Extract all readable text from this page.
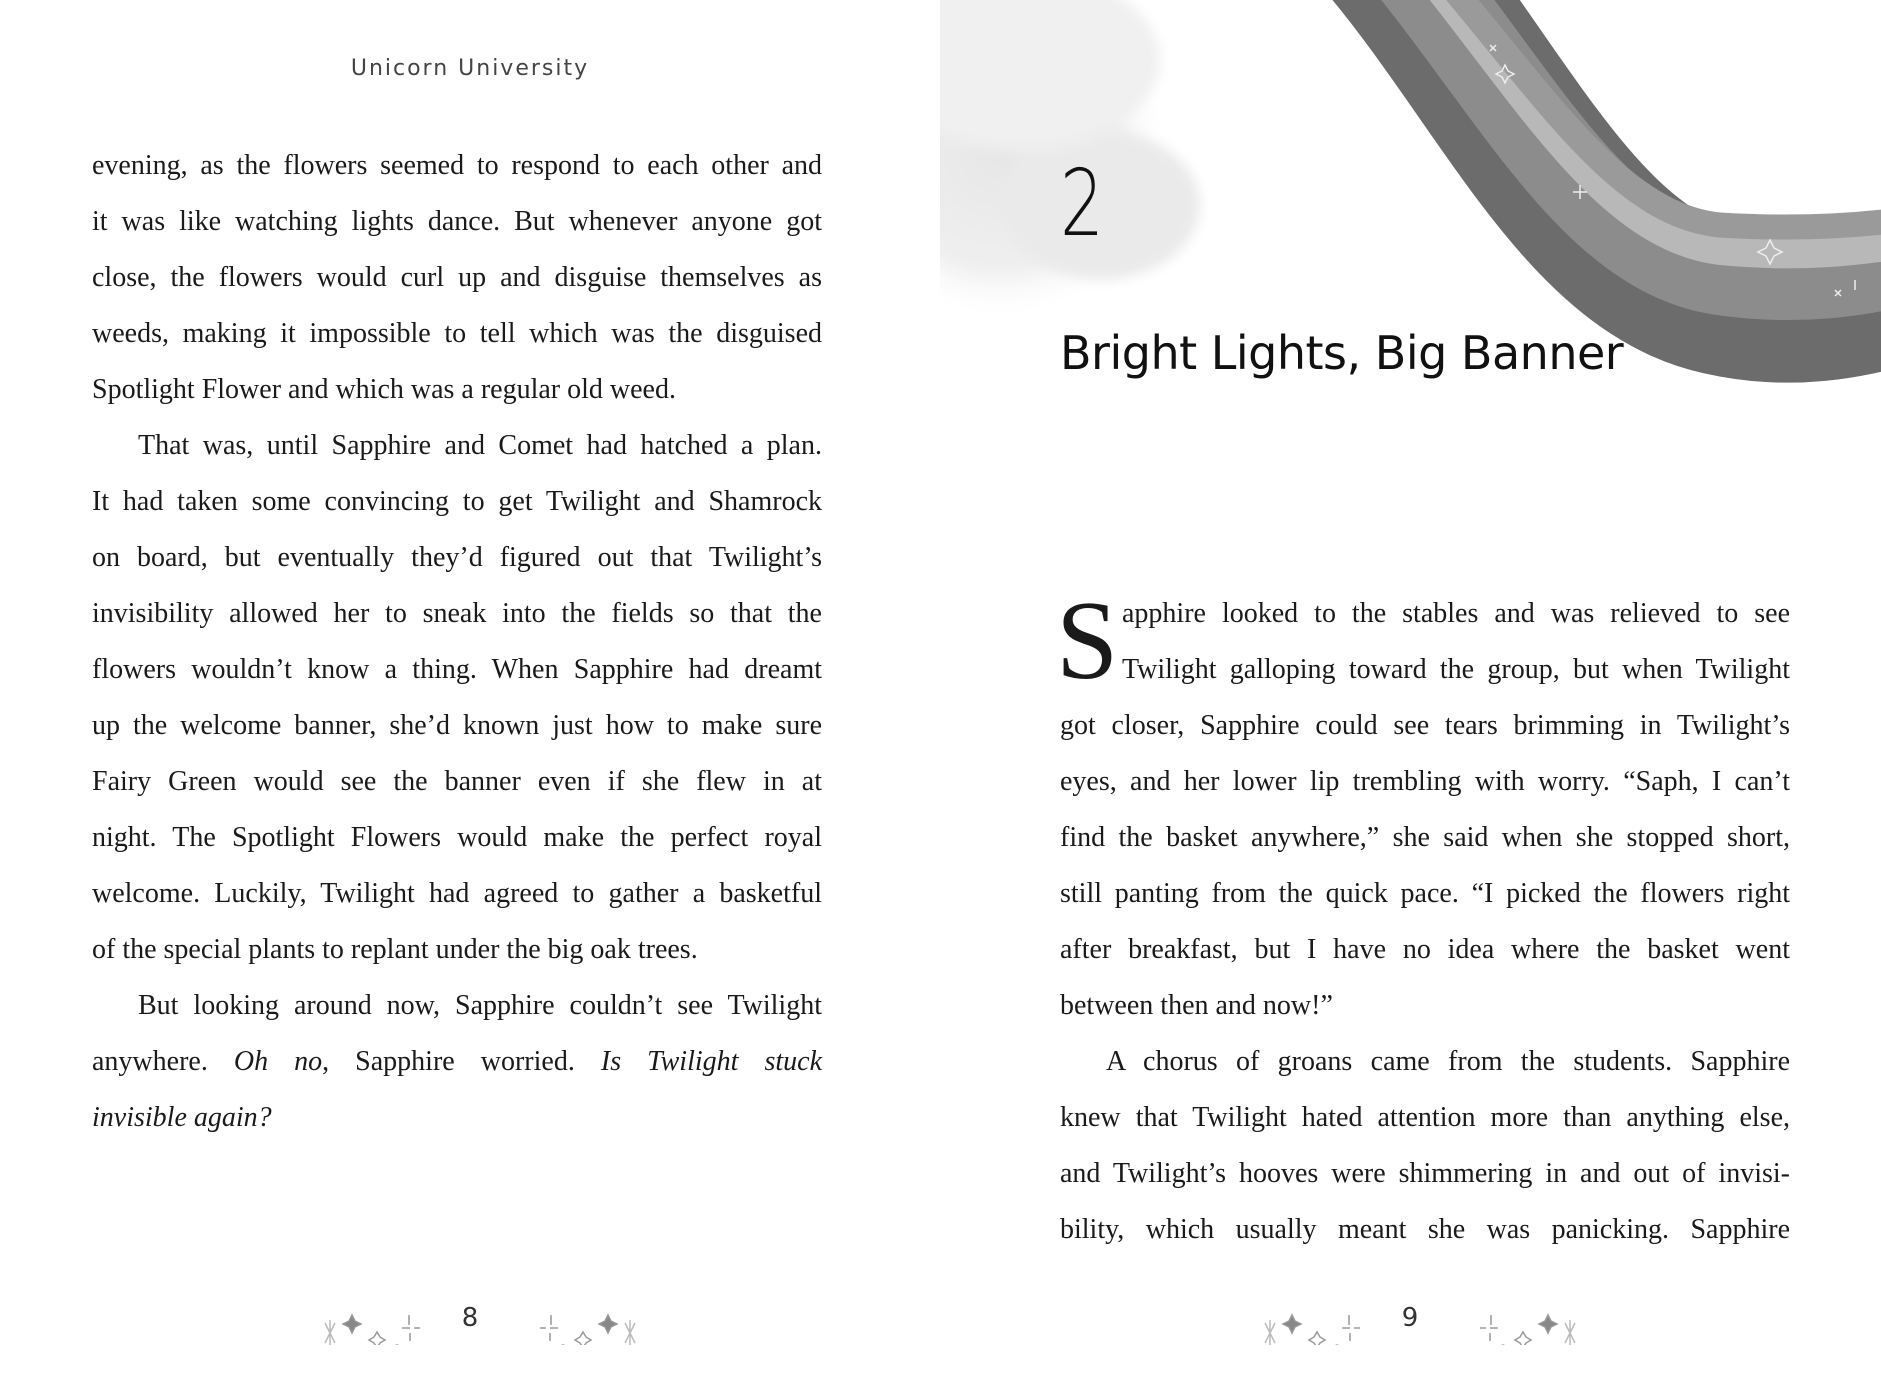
Unicorn University
evening, as the flowers seemed to respond to each other and
it was like watching lights dance. But whenever anyone got
close, the flowers would curl up and disguise themselves as
weeds, making it impossible to tell which was the disguised
Spotlight Flower and which was a regular old weed.
That was, until Sapphire and Comet had hatched a plan.
It had taken some convincing to get Twilight and Shamrock
on board, but eventually they’d figured out that Twilight’s
invisibility allowed her to sneak into the fields so that the
flowers wouldn’t know a thing. When Sapphire had dreamt
up the welcome banner, she’d known just how to make sure
Fairy Green would see the banner even if she flew in at
night. The Spotlight Flowers would make the perfect royal
welcome. Luckily, Twilight had agreed to gather a basketful
of the special plants to replant under the big oak trees.
But looking around now, Sapphire couldn’t see Twilight
anywhere. Oh no, Sapphire worried. Is Twilight stuck
invisible again?
8
2
Bright Lights, Big Banner
S apphire looked to the stables and was relieved to see
Twilight galloping toward the group, but when Twilight
got closer, Sapphire could see tears brimming in Twilight’s
eyes, and her lower lip trembling with worry. “Saph, I can’t
find the basket anywhere,” she said when she stopped short,
still panting from the quick pace. “I picked the flowers right
after breakfast, but I have no idea where the basket went
between then and now!”
A chorus of groans came from the students. Sapphire
knew that Twilight hated attention more than anything else,
and Twilight’s hooves were shimmering in and out of invisi-
bility, which usually meant she was panicking. Sapphire
9
